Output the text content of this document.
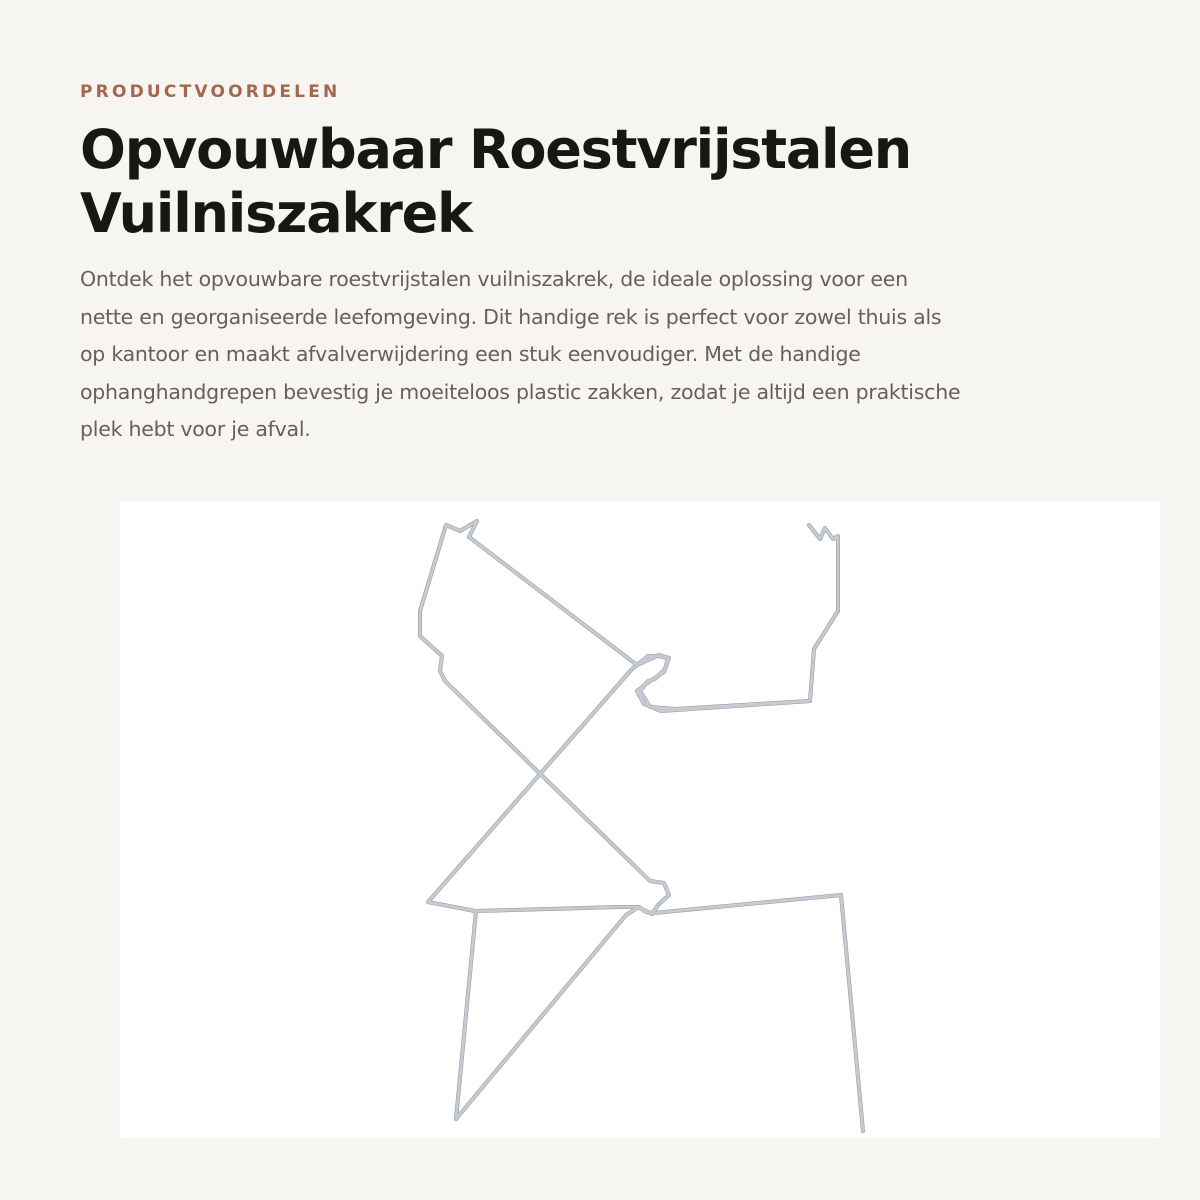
PRODUCTVOORDELEN

Opvouwbaar Roestvrijstalen
Vuilniszakrek

Ontdek het opvouwbare roestvrijstalen vuilniszakrek, de ideale oplossing voor een
nette en georganiseerde leefomgeving. Dit handige rek is perfect voor zowel thuis als
op kantoor en maakt afvalverwijdering een stuk eenvoudiger. Met de handige
ophanghandgrepen bevestig je moeiteloos plastic zakken, zodat je altijd een praktische
plek hebt voor je afval.
